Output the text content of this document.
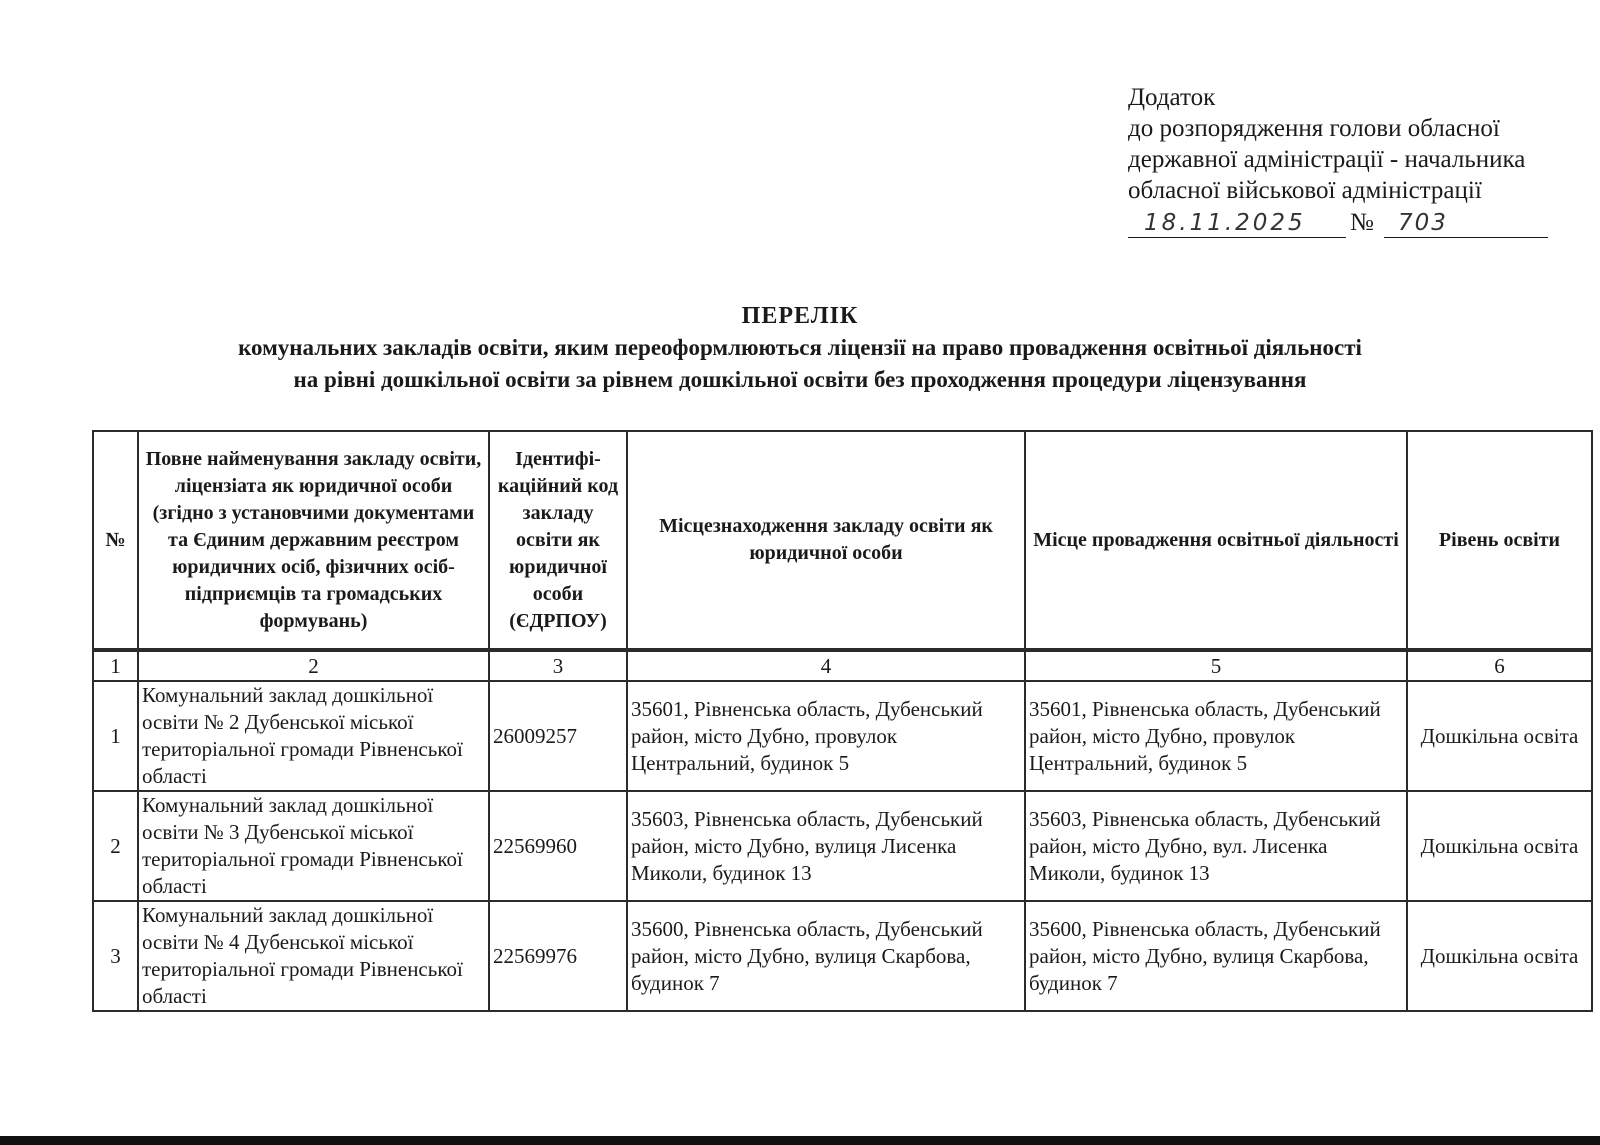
Додаток
до розпорядження голови обласної
державної адміністрації - начальника
обласної військової адміністрації
18.11.2025	№	703
ПЕРЕЛІК
комунальних закладів освіти, яким переоформлюються ліцензії на право провадження освітньої діяльності
на рівні дошкільної освіти за рівнем дошкільної освіти без проходження процедури ліцензування
№	Повне найменування закладу освіти, ліцензіата як юридичної особи (згідно з установчими документами та Єдиним державним реєстром юридичних осіб, фізичних осіб-підприємців та громадських формувань)	Ідентифі-каційний код закладу освіти як юридичної особи (ЄДРПОУ)	Місцезнаходження закладу освіти як юридичної особи	Місце провадження освітньої діяльності	Рівень освіти
1	2	3	4	5	6
1	Комунальний заклад дошкільної освіти № 2 Дубенської міської територіальної громади Рівненської області	26009257	35601, Рівненська область, Дубенський район, місто Дубно, провулок Центральний, будинок 5	35601, Рівненська область, Дубенський район, місто Дубно, провулок Центральний, будинок 5	Дошкільна освіта
2	Комунальний заклад дошкільної освіти № 3 Дубенської міської територіальної громади Рівненської області	22569960	35603, Рівненська область, Дубенський район, місто Дубно, вулиця Лисенка Миколи, будинок 13	35603, Рівненська область, Дубенський район, місто Дубно, вул. Лисенка Миколи, будинок 13	Дошкільна освіта
3	Комунальний заклад дошкільної освіти № 4 Дубенської міської територіальної громади Рівненської області	22569976	35600, Рівненська область, Дубенський район, місто Дубно, вулиця Скарбова, будинок 7	35600, Рівненська область, Дубенський район, місто Дубно, вулиця Скарбова, будинок 7	Дошкільна освіта
